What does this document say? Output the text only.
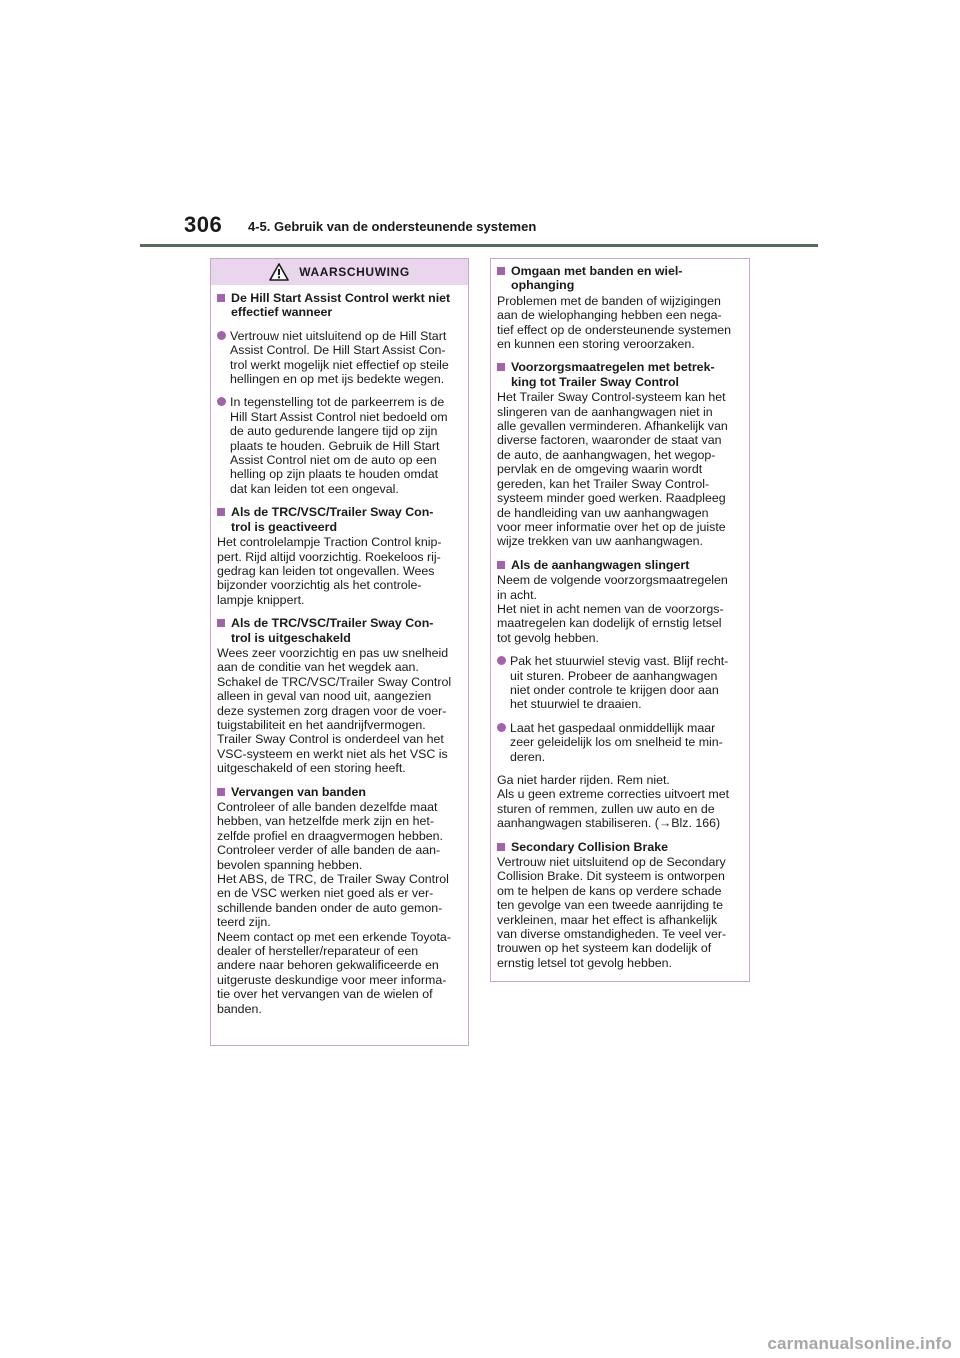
306 4-5. Gebruik van de ondersteunende systemen
WAARSCHUWING
De Hill Start Assist Control werkt niet
effectief wanneer
Vertrouw niet uitsluitend op de Hill Start
Assist Control. De Hill Start Assist Con-
trol werkt mogelijk niet effectief op steile
hellingen en op met ijs bedekte wegen.
In tegenstelling tot de parkeerrem is de
Hill Start Assist Control niet bedoeld om
de auto gedurende langere tijd op zijn
plaats te houden. Gebruik de Hill Start
Assist Control niet om de auto op een
helling op zijn plaats te houden omdat
dat kan leiden tot een ongeval.
Als de TRC/VSC/Trailer Sway Con-
trol is geactiveerd
Het controlelampje Traction Control knip-
pert. Rijd altijd voorzichtig. Roekeloos rij-
gedrag kan leiden tot ongevallen. Wees
bijzonder voorzichtig als het controle-
lampje knippert.
Als de TRC/VSC/Trailer Sway Con-
trol is uitgeschakeld
Wees zeer voorzichtig en pas uw snelheid
aan de conditie van het wegdek aan.
Schakel de TRC/VSC/Trailer Sway Control
alleen in geval van nood uit, aangezien
deze systemen zorg dragen voor de voer-
tuigstabiliteit en het aandrijfvermogen.
Trailer Sway Control is onderdeel van het
VSC-systeem en werkt niet als het VSC is
uitgeschakeld of een storing heeft.
Vervangen van banden
Controleer of alle banden dezelfde maat
hebben, van hetzelfde merk zijn en het-
zelfde profiel en draagvermogen hebben.
Controleer verder of alle banden de aan-
bevolen spanning hebben.
Het ABS, de TRC, de Trailer Sway Control
en de VSC werken niet goed als er ver-
schillende banden onder de auto gemon-
teerd zijn.
Neem contact op met een erkende Toyota-
dealer of hersteller/reparateur of een
andere naar behoren gekwalificeerde en
uitgeruste deskundige voor meer informa-
tie over het vervangen van de wielen of
banden.
Omgaan met banden en wiel-
ophanging
Problemen met de banden of wijzigingen
aan de wielophanging hebben een nega-
tief effect op de ondersteunende systemen
en kunnen een storing veroorzaken.
Voorzorgsmaatregelen met betrek-
king tot Trailer Sway Control
Het Trailer Sway Control-systeem kan het
slingeren van de aanhangwagen niet in
alle gevallen verminderen. Afhankelijk van
diverse factoren, waaronder de staat van
de auto, de aanhangwagen, het wegop-
pervlak en de omgeving waarin wordt
gereden, kan het Trailer Sway Control-
systeem minder goed werken. Raadpleeg
de handleiding van uw aanhangwagen
voor meer informatie over het op de juiste
wijze trekken van uw aanhangwagen.
Als de aanhangwagen slingert
Neem de volgende voorzorgsmaatregelen
in acht.
Het niet in acht nemen van de voorzorgs-
maatregelen kan dodelijk of ernstig letsel
tot gevolg hebben.
Pak het stuurwiel stevig vast. Blijf recht-
uit sturen. Probeer de aanhangwagen
niet onder controle te krijgen door aan
het stuurwiel te draaien.
Laat het gaspedaal onmiddellijk maar
zeer geleidelijk los om snelheid te min-
deren.
Ga niet harder rijden. Rem niet.
Als u geen extreme correcties uitvoert met
sturen of remmen, zullen uw auto en de
aanhangwagen stabiliseren. (→Blz. 166)
Secondary Collision Brake
Vertrouw niet uitsluitend op de Secondary
Collision Brake. Dit systeem is ontworpen
om te helpen de kans op verdere schade
ten gevolge van een tweede aanrijding te
verkleinen, maar het effect is afhankelijk
van diverse omstandigheden. Te veel ver-
trouwen op het systeem kan dodelijk of
ernstig letsel tot gevolg hebben.
carmanualsonline.info
